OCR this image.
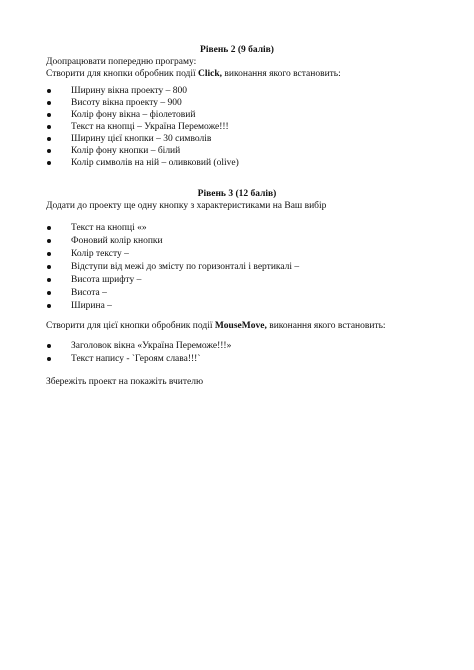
Рівень 2 (9 балів)
Доопрацювати попередню програму:
Створити для кнопки обробник події Click, виконання якого встановить:
Ширину вікна проекту – 800
Висоту вікна проекту – 900
Колір фону вікна – фіолетовий
Текст на кнопці – Україна Переможе!!!
Ширину цієї кнопки – 30 символів
Колір фону кнопки – білий
Колір символів на ній – оливковий (olive)
Рівень 3 (12 балів)
Додати до проекту ще одну кнопку з характеристиками на Ваш вибір
Текст на кнопці «»
Фоновий колір кнопки
Колір тексту –
Відступи від межі до змісту по горизонталі і вертикалі –
Висота шрифту –
Висота –
Ширина –
Створити для цієї кнопки обробник події MouseMove, виконання якого встановить:
Заголовок вікна «Україна Переможе!!!»
Текст напису - `Героям слава!!!`
Збережіть проект на покажіть вчителю
